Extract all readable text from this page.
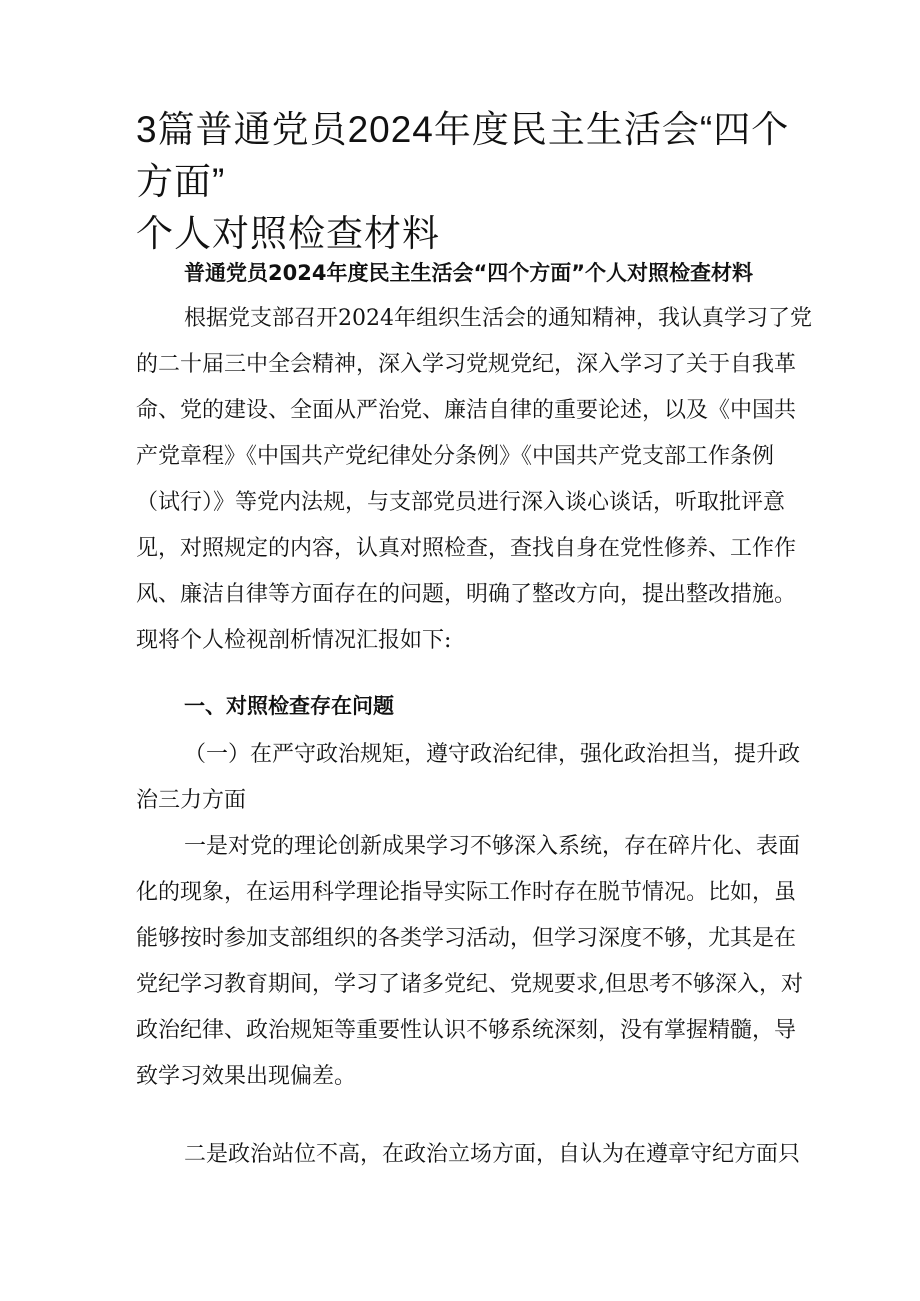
3篇普通党员2024年度民主生活会“四个方面”
个人对照检查材料
普通党员2024年度民主生活会“四个方面”个人对照检查材料

根据党支部召开2024年组织生活会的通知精神，我认真学习了党

的二十届三中全会精神，深入学习党规党纪，深入学习了关于自我革

命、党的建设、全面从严治党、廉洁自律的重要论述，以及《中国共

产党章程》《中国共产党纪律处分条例》《中国共产党支部工作条例

（试行）》等党内法规，与支部党员进行深入谈心谈话，听取批评意

见，对照规定的内容，认真对照检查，查找自身在党性修养、工作作

风、廉洁自律等方面存在的问题，明确了整改方向，提出整改措施。

现将个人检视剖析情况汇报如下:

一、对照检查存在问题

（一）在严守政治规矩，遵守政治纪律，强化政治担当，提升政

治三力方面

一是对党的理论创新成果学习不够深入系统，存在碎片化、表面

化的现象，在运用科学理论指导实际工作时存在脱节情况。比如，虽

能够按时参加支部组织的各类学习活动，但学习深度不够，尤其是在

党纪学习教育期间，学习了诸多党纪、党规要求,但思考不够深入，对

政治纪律、政治规矩等重要性认识不够系统深刻，没有掌握精髓，导

致学习效果出现偏差。

二是政治站位不高，在政治立场方面，自认为在遵章守纪方面只
